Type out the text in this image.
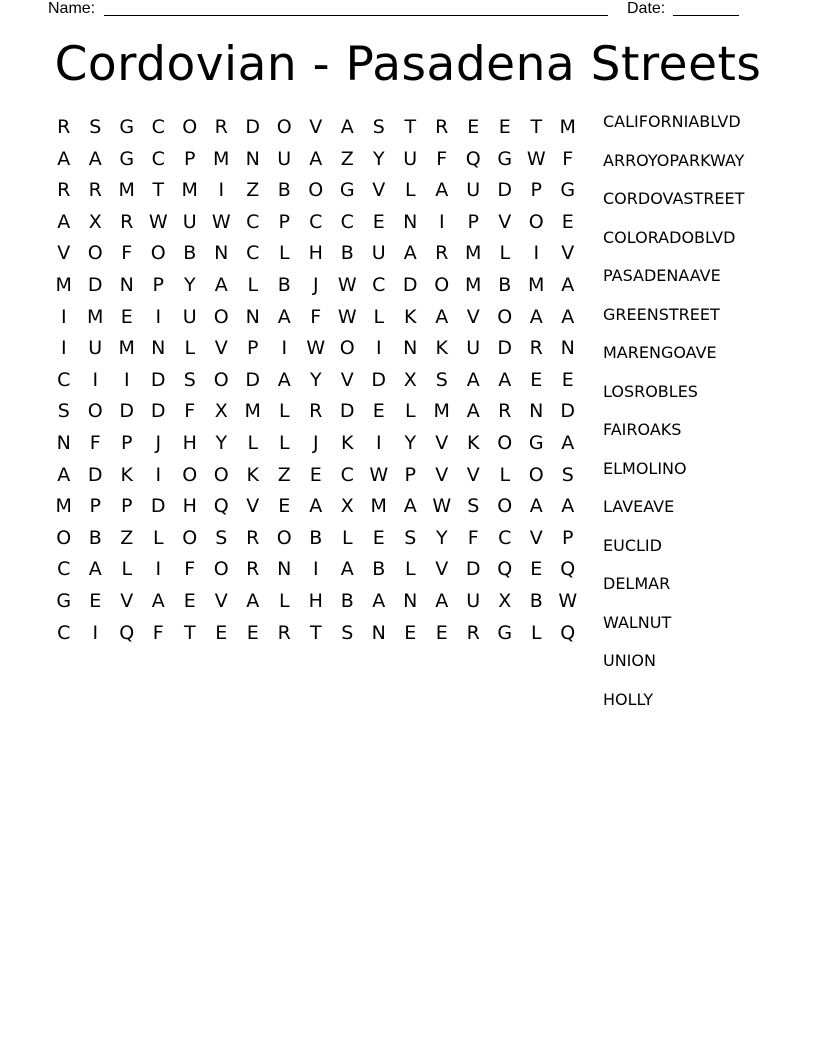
Name:	Date:
Cordovian - Pasadena Streets
R S G C O R D O V A S	T	R E	E	T M
A A G C	P M N U A Z	Y U	F Q G W F
R R M T M	I	Z B O G V	L	A U D P G
A X R W U W C	P	C C E N	I	P	V O E
V O F O B N C	L	H B U A R M L	I	V
M D N P	Y	A	L	B	J	W C D O M B M A
I	M E	I	U O N A	F W L	K A V O A A
I	U M N	L	V	P	I	W O	I	N K U D R N
C	I	I	D S O D A	Y	V D X S A A E	E
S O D D F	X M L	R D E	L M A R N D
N F	P	J	H Y	L	L	J	K	I	Y	V K O G A
A D K	I	O O K Z E C W P	V V	L O S
M P	P D H Q V E	A X M A W S O A A
O B Z	L O S R O B	L	E	S	Y	F	C V	P
C A	L	I	F O R N	I	A B	L	V D Q E Q
G E	V A E	V A	L	H B A N A U X B W
C	I	Q F	T	E	E R	T	S N E	E R G L Q
CALIFORNIABLVD
ARROYOPARKWAY
CORDOVASTREET
COLORADOBLVD
PASADENAAVE
GREENSTREET
MARENGOAVE
LOSROBLES
FAIROAKS
ELMOLINO
LAVEAVE
EUCLID
DELMAR
WALNUT
UNION
HOLLY
